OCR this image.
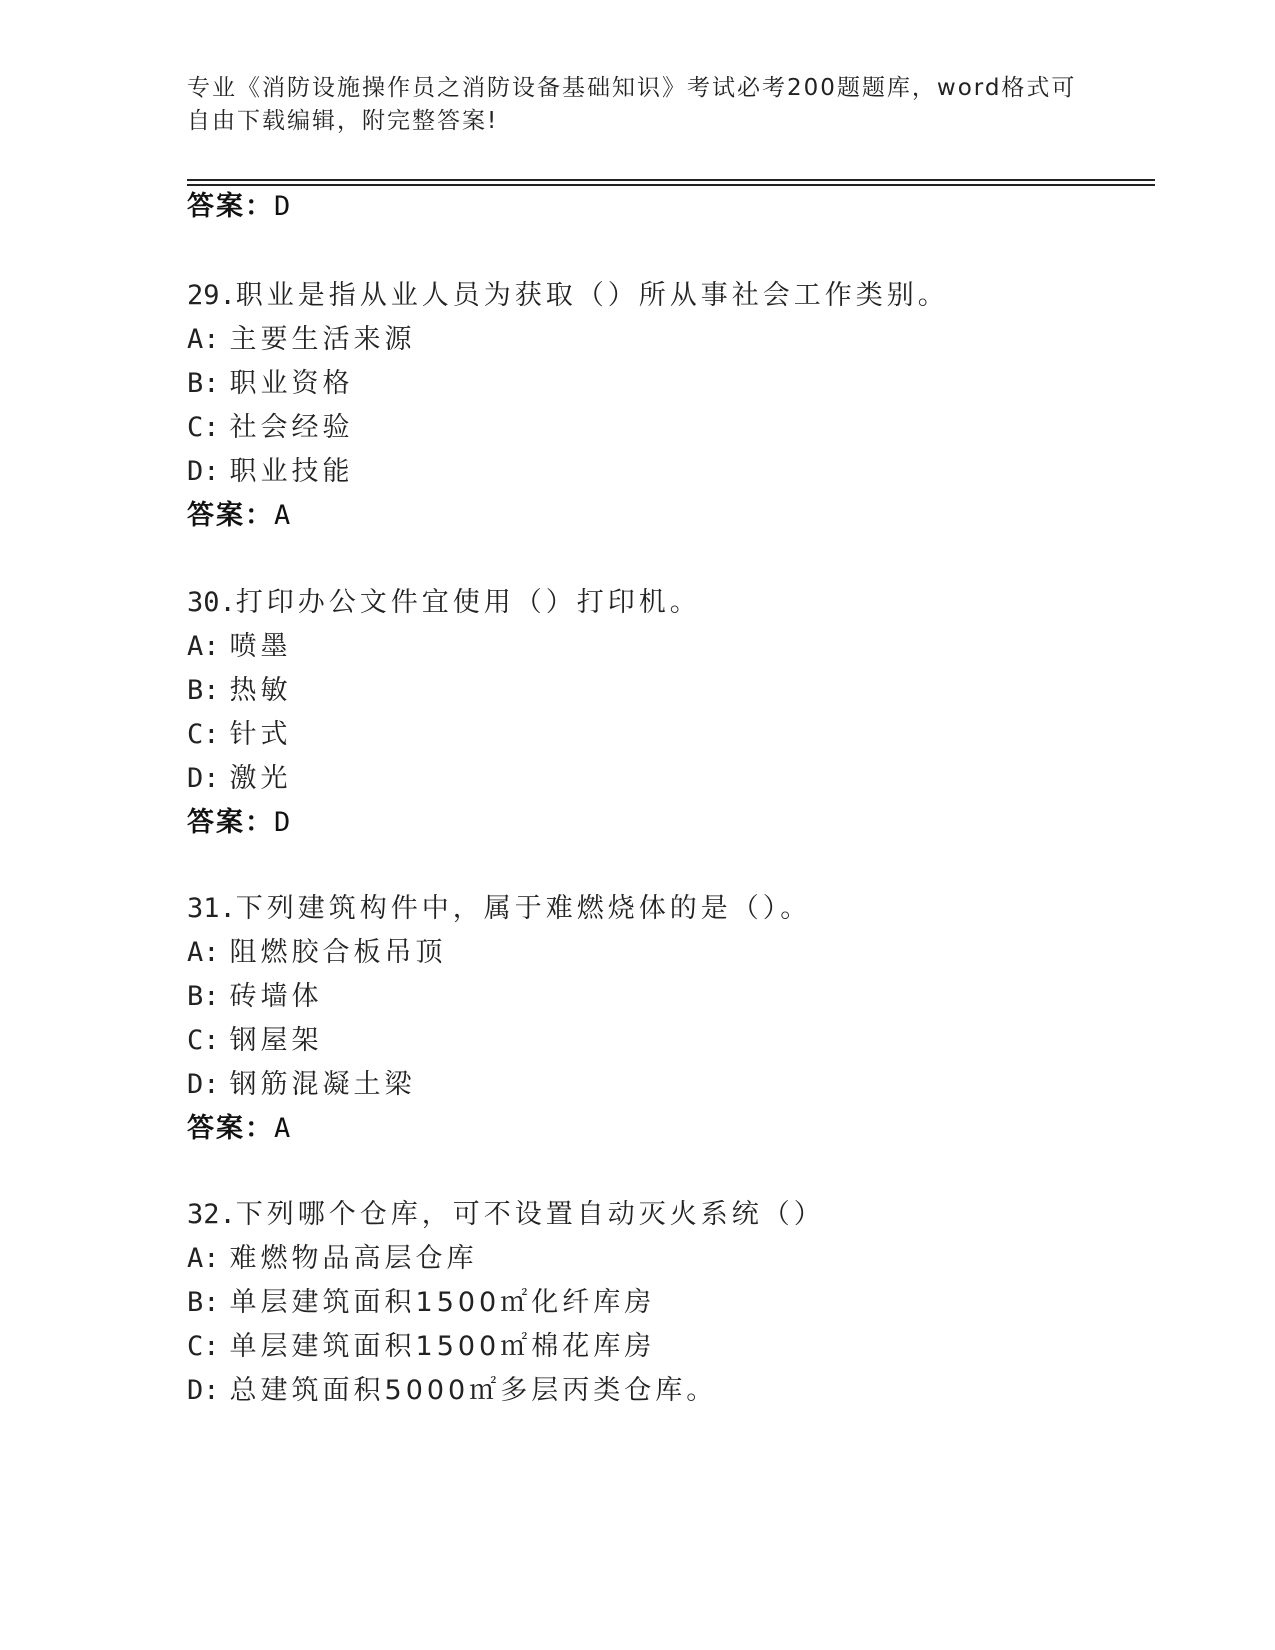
专业《消防设施操作员之消防设备基础知识》考试必考200题题库，word格式可
自由下载编辑，附完整答案!
答案：D
29.职业是指从业人员为获取（）所从事社会工作类别。
A: 主要生活来源
B: 职业资格
C: 社会经验
D: 职业技能
答案：A
30.打印办公文件宜使用（）打印机。
A: 喷墨
B: 热敏
C: 针式
D: 激光
答案：D
31.下列建筑构件中，属于难燃烧体的是（）。
A: 阻燃胶合板吊顶
B: 砖墙体
C: 钢屋架
D: 钢筋混凝土梁
答案：A
32.下列哪个仓库，可不设置自动灭火系统（）
A: 难燃物品高层仓库
B: 单层建筑面积1500㎡化纤库房
C: 单层建筑面积1500㎡棉花库房
D: 总建筑面积5000㎡多层丙类仓库。
